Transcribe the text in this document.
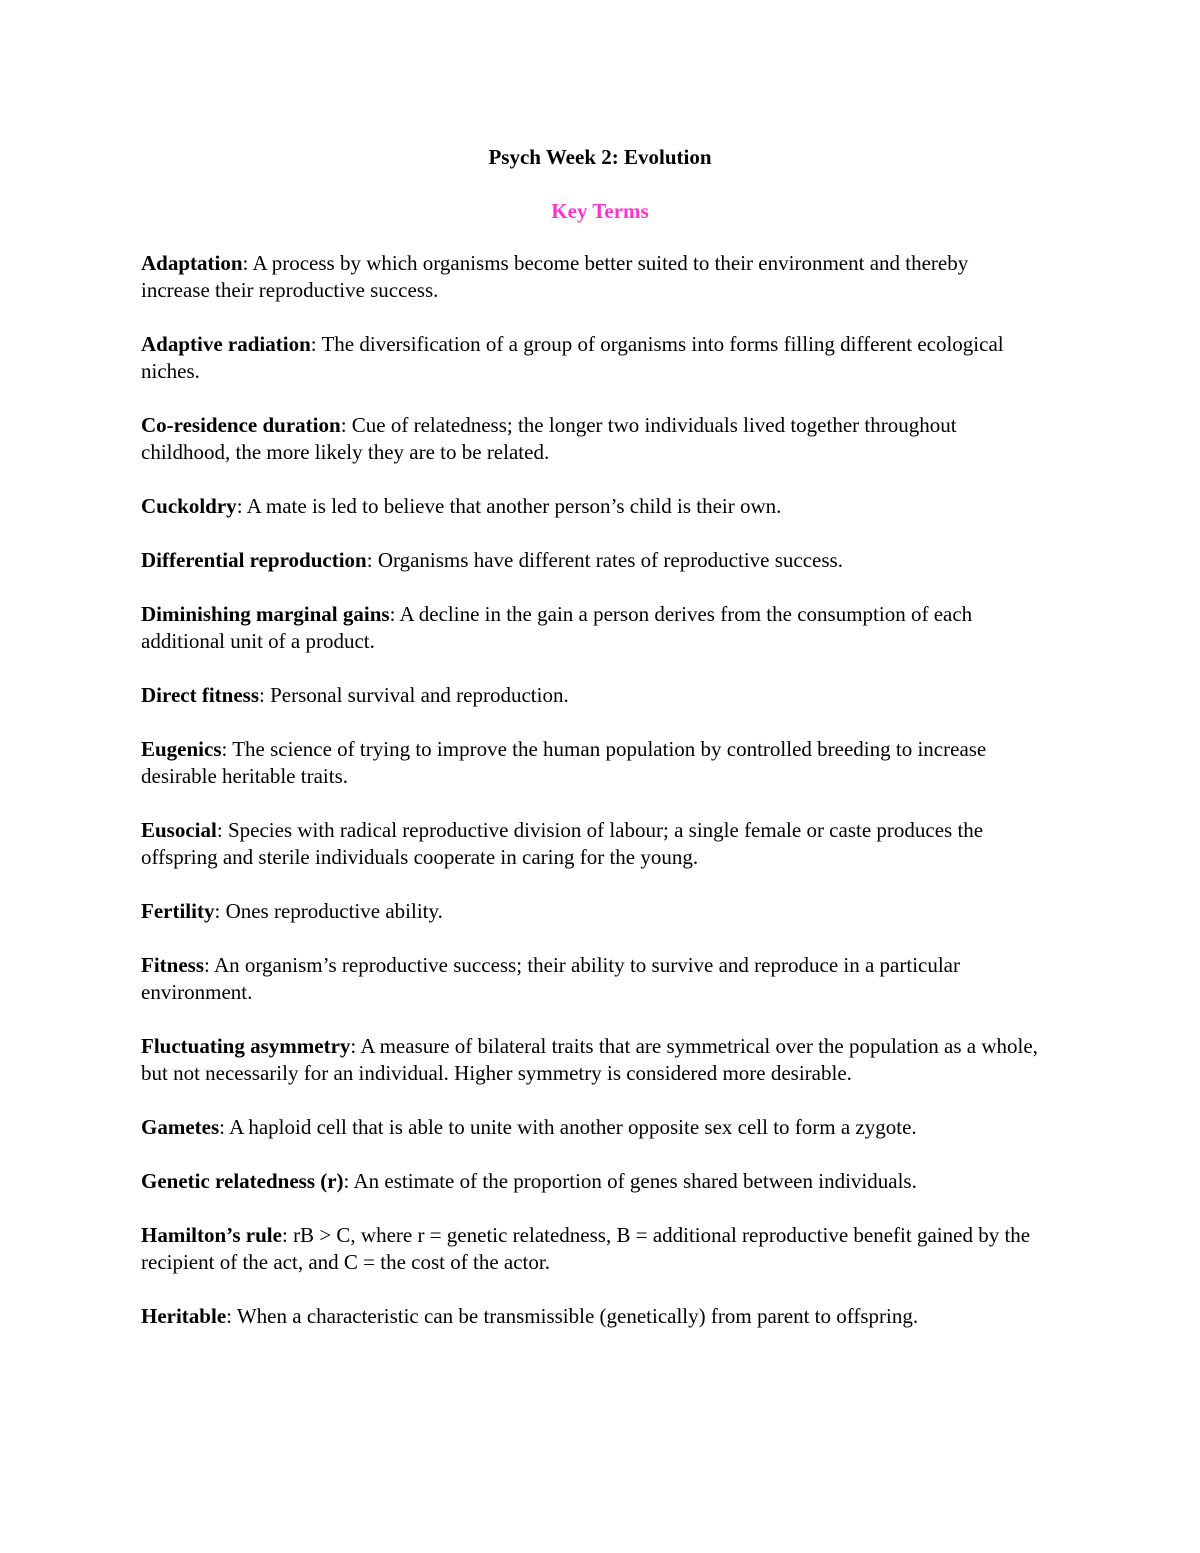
Psych Week 2: Evolution
Key Terms
Adaptation: A process by which organisms become better suited to their environment and thereby increase their reproductive success.
Adaptive radiation: The diversification of a group of organisms into forms filling different ecological niches.
Co-residence duration: Cue of relatedness; the longer two individuals lived together throughout childhood, the more likely they are to be related.
Cuckoldry: A mate is led to believe that another person’s child is their own.
Differential reproduction: Organisms have different rates of reproductive success.
Diminishing marginal gains: A decline in the gain a person derives from the consumption of each additional unit of a product.
Direct fitness: Personal survival and reproduction.
Eugenics: The science of trying to improve the human population by controlled breeding to increase desirable heritable traits.
Eusocial: Species with radical reproductive division of labour; a single female or caste produces the offspring and sterile individuals cooperate in caring for the young.
Fertility: Ones reproductive ability.
Fitness: An organism’s reproductive success; their ability to survive and reproduce in a particular environment.
Fluctuating asymmetry: A measure of bilateral traits that are symmetrical over the population as a whole, but not necessarily for an individual. Higher symmetry is considered more desirable.
Gametes: A haploid cell that is able to unite with another opposite sex cell to form a zygote.
Genetic relatedness (r): An estimate of the proportion of genes shared between individuals.
Hamilton’s rule: rB > C, where r = genetic relatedness, B = additional reproductive benefit gained by the recipient of the act, and C = the cost of the actor.
Heritable: When a characteristic can be transmissible (genetically) from parent to offspring.
